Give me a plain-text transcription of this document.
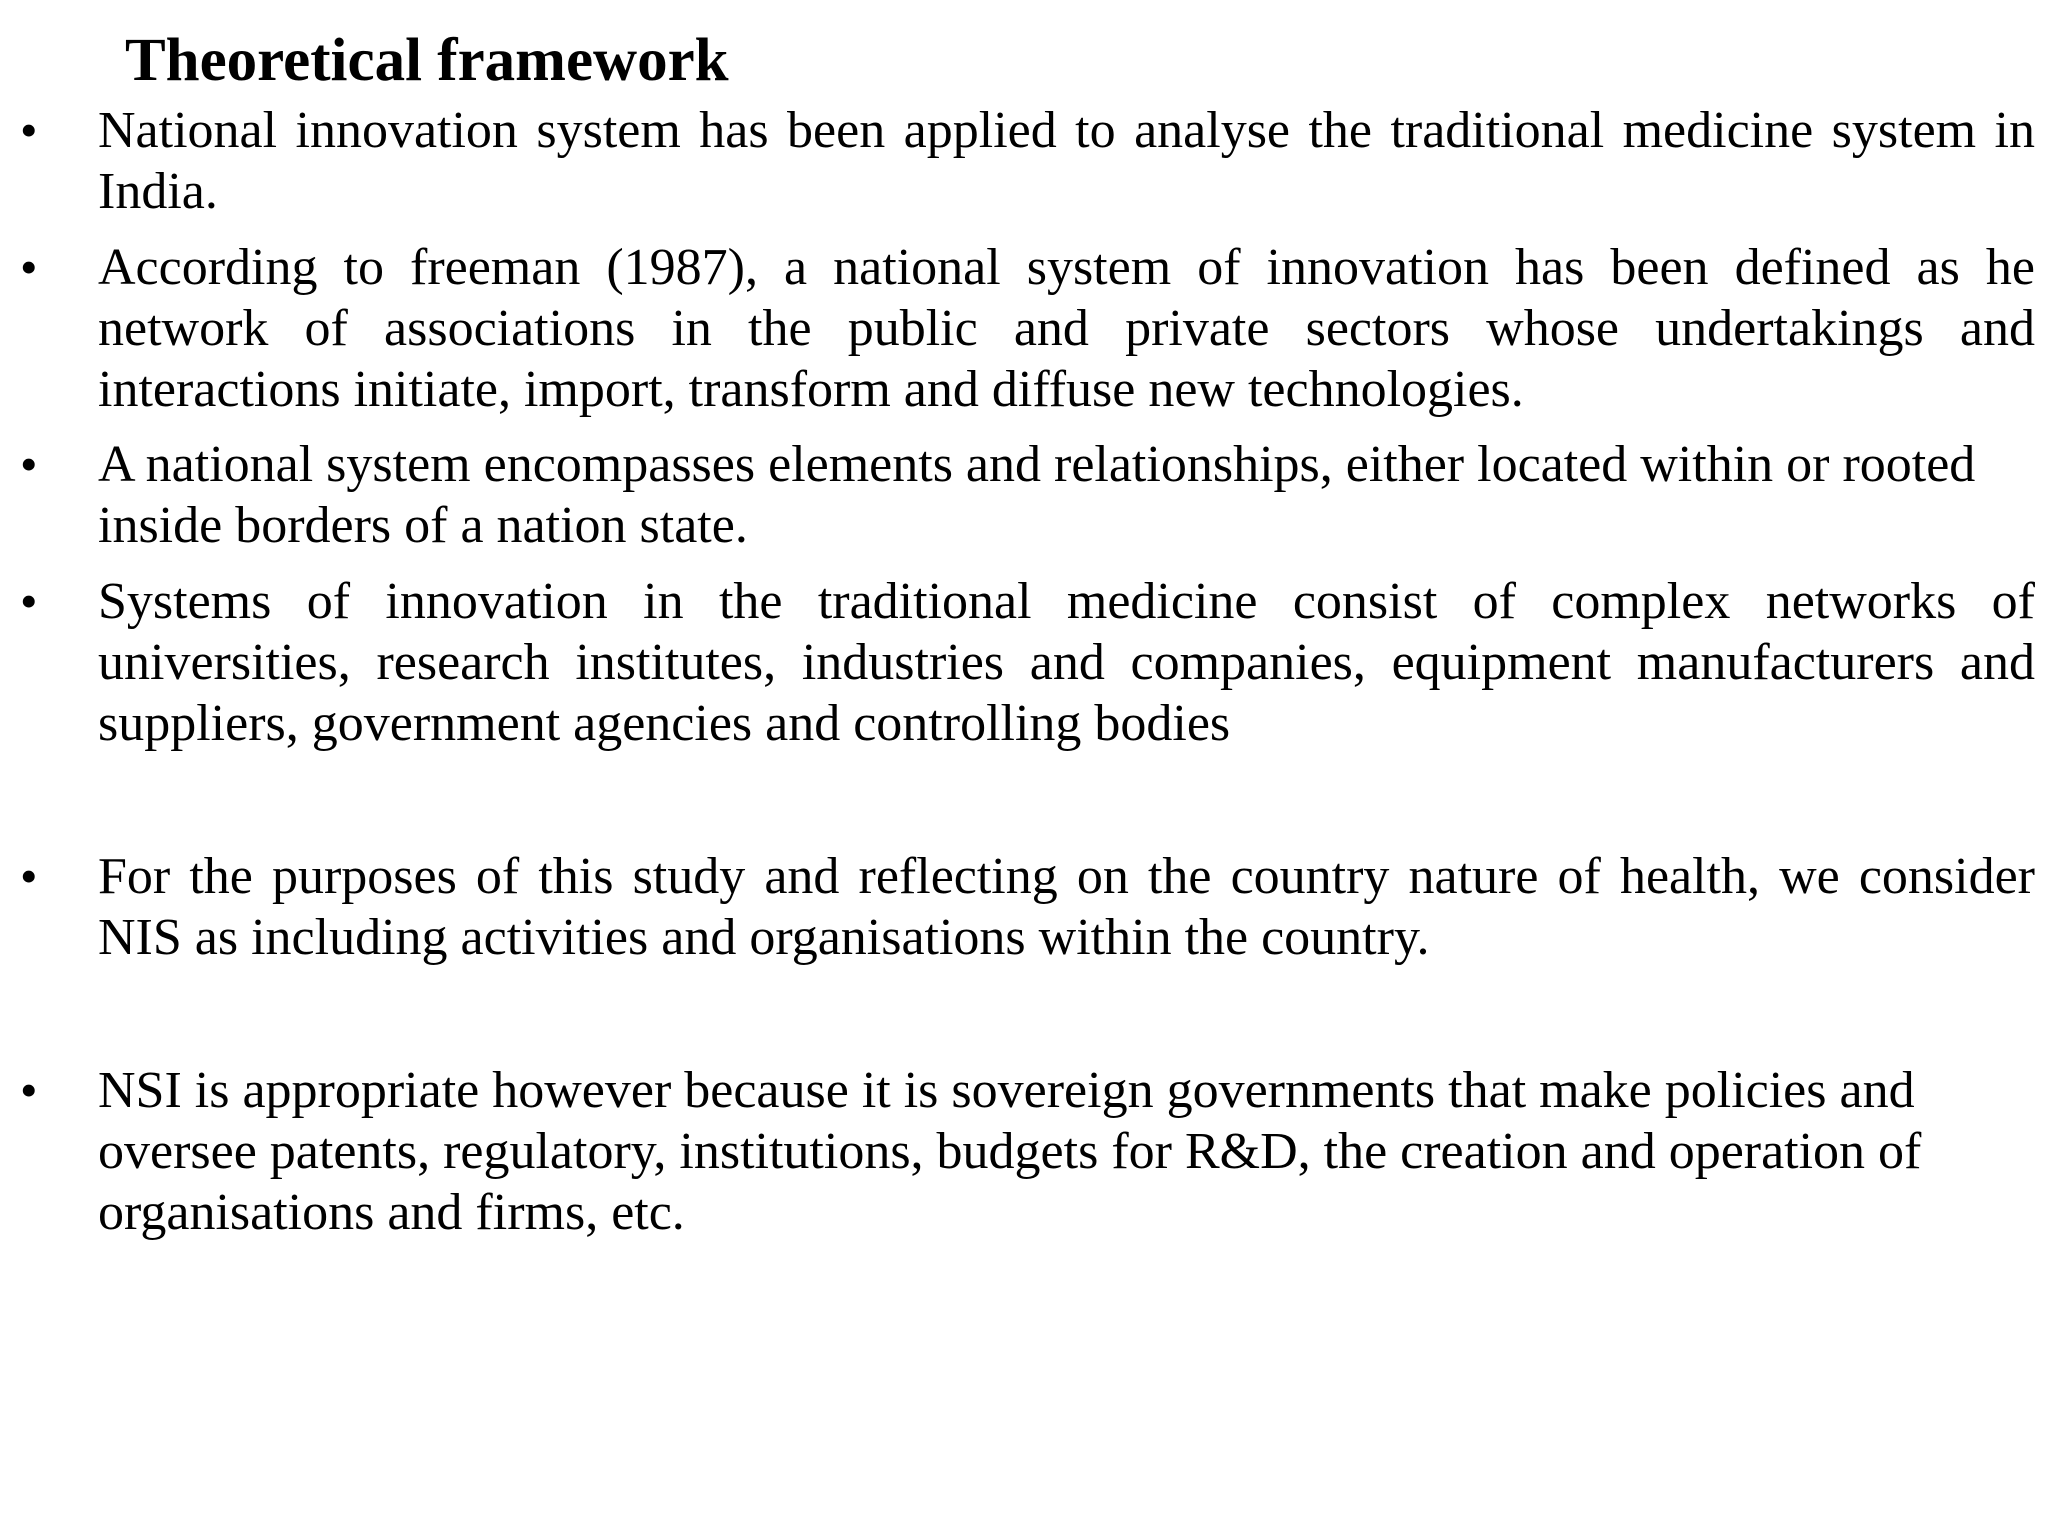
Theoretical framework
• National innovation system has been applied to analyse the traditional medicine system in India.
• According to freeman (1987), a national system of innovation has been defined as he network of associations in the public and private sectors whose undertakings and interactions initiate, import, transform and diffuse new technologies.
• A national system encompasses elements and relationships, either located within or rooted inside borders of a nation state.
• Systems of innovation in the traditional medicine consist of complex networks of universities, research institutes, industries and companies, equipment manufacturers and suppliers, government agencies and controlling bodies
• For the purposes of this study and reflecting on the country nature of health, we consider NIS as including activities and organisations within the country.
• NSI is appropriate however because it is sovereign governments that make policies and oversee patents, regulatory, institutions, budgets for R&D, the creation and operation of organisations and firms, etc.
